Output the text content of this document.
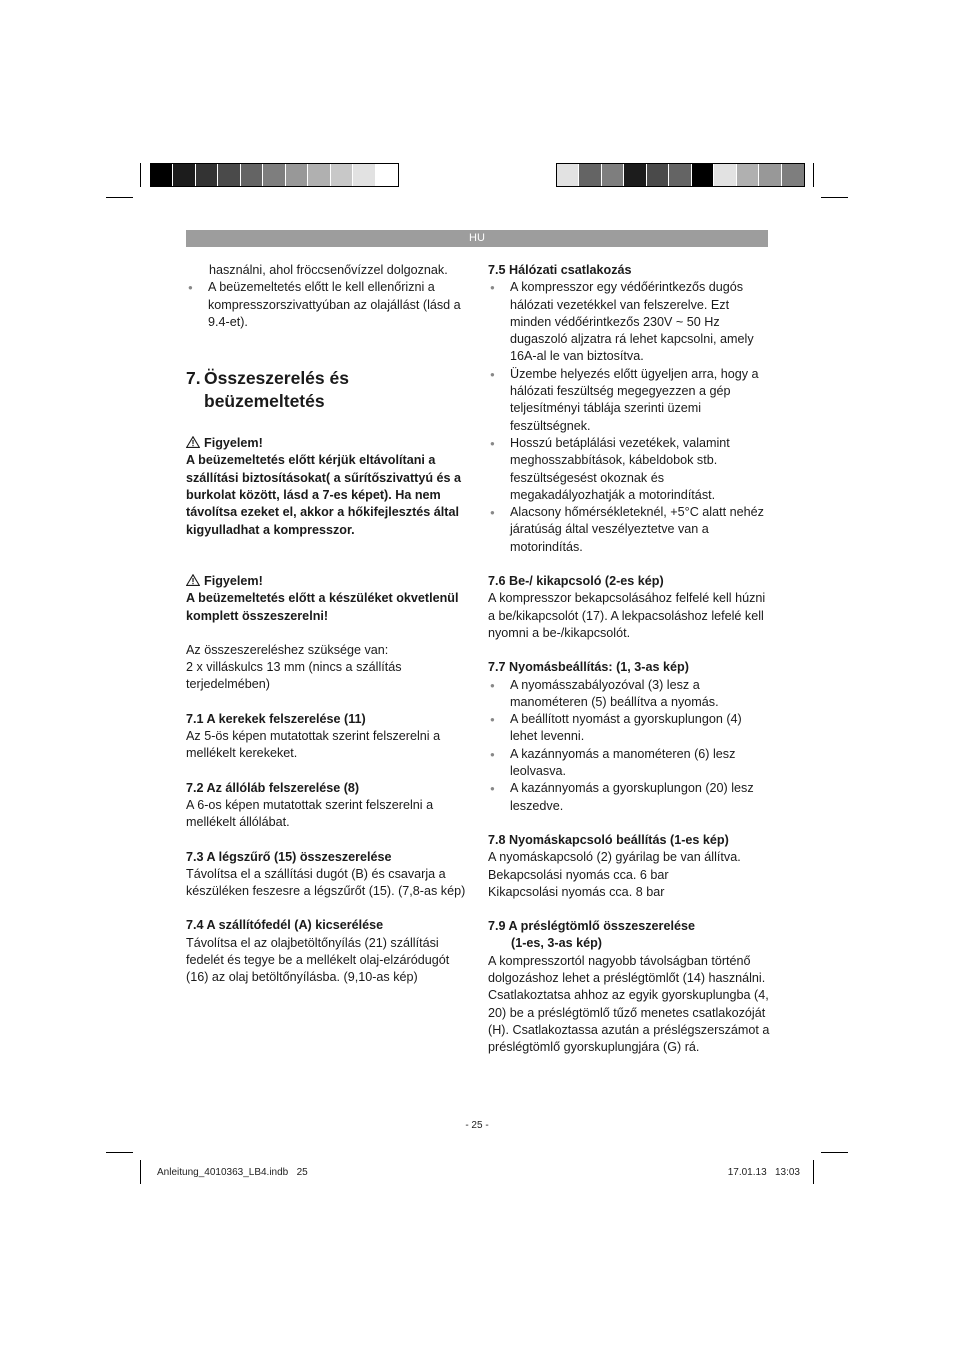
HU

használni, ahol fröccsenővízzel dolgoznak.

● A beüzemeltetés előtt le kell ellenőrizni a kompresszorszivattyúban az olajállást (lásd a 9.4-et).
7. Összeszerelés és
beüzemeltetés

Figyelem!

A beüzemeltetés előtt kérjük eltávolítani a szállítási biztosításokat( a sűrítőszivattyú és a burkolat között, lásd a 7-es képet). Ha nem távolítsa ezeket el, akkor a hőkifejlesztés által kigyulladhat a kompresszor.

Figyelem!

A beüzemeltetés előtt a készüléket okvetlenül komplett összeszerelni!

Az összeszereléshez szüksége van:

2 x villáskulcs 13 mm (nincs a szállítás terjedelmében)

7.1 A kerekek felszerelése (11)

Az 5-ös képen mutatottak szerint felszerelni a mellékelt kerekeket.

7.2 Az állóláb felszerelése (8)

A 6-os képen mutatottak szerint felszerelni a mellékelt állólábat.

7.3 A légszűrő (15) összeszerelése

Távolítsa el a szállítási dugót (B) és csavarja a készüléken feszesre a légszűrőt (15). (7,8-as kép)

7.4 A szállítófedél (A) kicserélése

Távolítsa el az olajbetöltőnyílás (21) szállítási fedelét és tegye be a mellékelt olaj-elzáródugót (16) az olaj betöltőnyílásba. (9,10-as kép)

7.5 Hálózati csatlakozás

● A kompresszor egy védőérintkezős dugós hálózati vezetékkel van felszerelve. Ezt minden védőérintkezős 230V ~ 50 Hz dugaszoló aljzatra rá lehet kapcsolni, amely 16A-al le van biztosítva.
● Üzembe helyezés előtt ügyeljen arra, hogy a hálózati feszültség megegyezzen a gép teljesítményi táblája szerinti üzemi feszültségnek.
● Hosszú betáplálási vezetékek, valamint meghosszabbítások, kábeldobok stb. feszültségesést okoznak és megakadályozhatják a motorindítást.
● Alacsony hőmérsékleteknél, +5°C alatt nehéz járatúság által veszélyeztetve van a motorindítás.

7.6 Be-/ kikapcsoló (2-es kép)

A kompresszor bekapcsolásához felfelé kell húzni a be/kikapcsolót (17). A lekpacsoláshoz lefelé kell nyomni a be-/kikapcsolót.

7.7 Nyomásbeállítás: (1, 3-as kép)

● A nyomásszabályozóval (3) lesz a manométeren (5) beállítva a nyomás.
● A beállított nyomást a gyorskuplungon (4) lehet levenni.
● A kazánnyomás a manométeren (6) lesz leolvasva.
● A kazánnyomás a gyorskuplungon (20) lesz leszedve.

7.8 Nyomáskapcsoló beállítás (1-es kép)

A nyomáskapcsoló (2) gyárilag be van állítva.

Bekapcsolási nyomás cca. 6 bar

Kikapcsolási nyomás cca. 8 bar

7.9 A préslégtömlő összeszerelése

(1-es, 3-as kép)

A kompresszortól nagyobb távolságban történő dolgozáshoz lehet a préslégtömlőt (14) használni. Csatlakoztatsa ahhoz az egyik gyorskuplungba (4, 20) be a préslégtömlő tűző menetes csatlakozóját (H). Csatlakoztassa azután a préslégszerszámot a préslégtömlő gyorskuplungjára (G) rá.

- 25 -
Anleitung_4010363_LB4.indb   25	17.01.13   13:03
